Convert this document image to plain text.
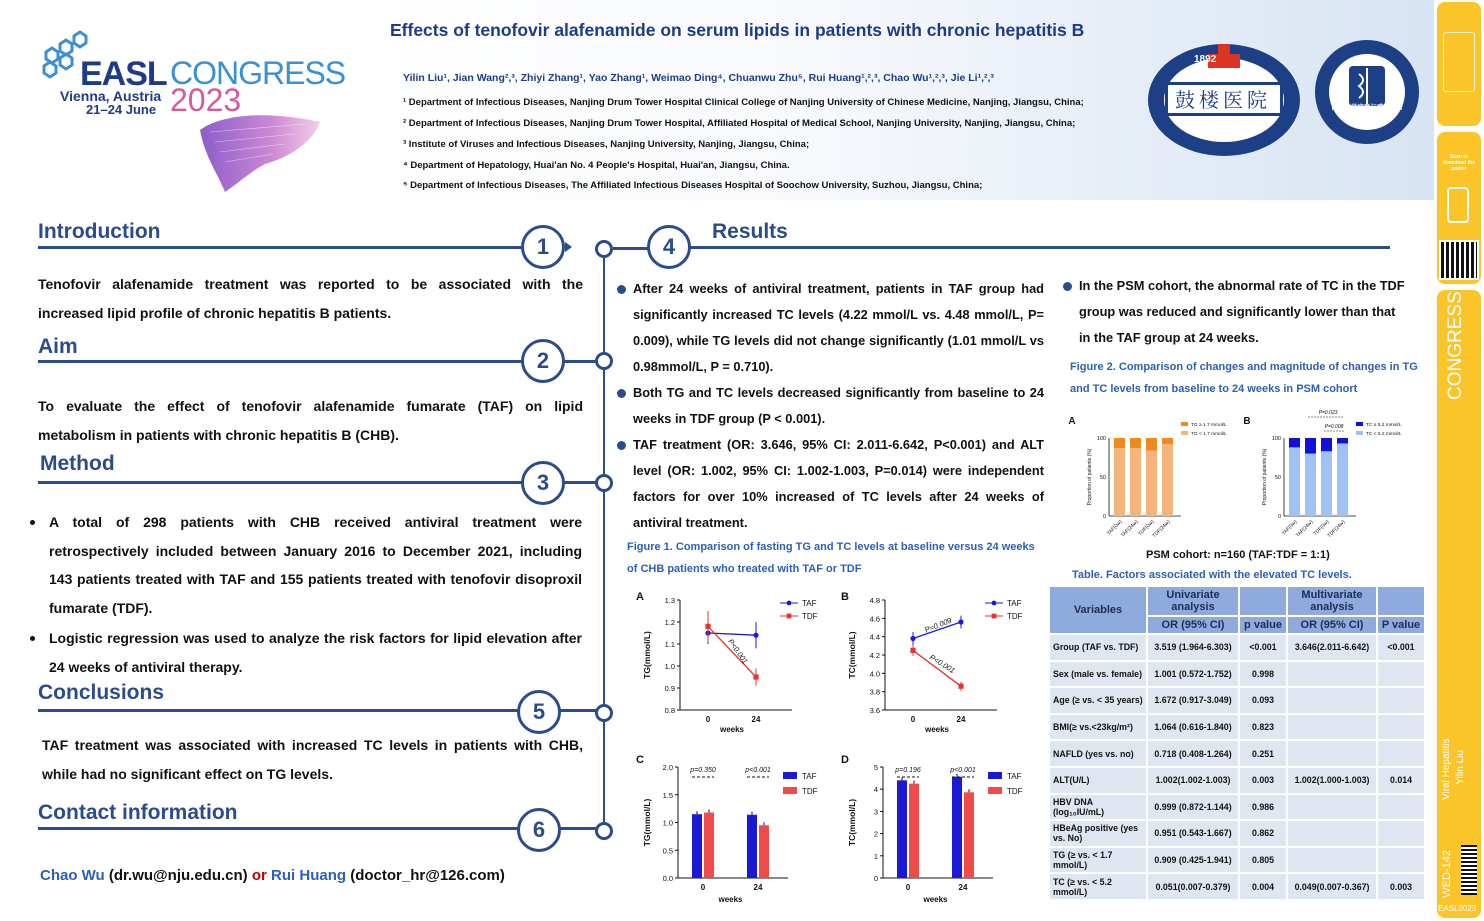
EASL CONGRESS
Vienna, Austria
21–24 June 2023
Effects of tenofovir alafenamide on serum lipids in patients with chronic hepatitis B
Yilin Liu¹, Jian Wang²,³, Zhiyi Zhang¹, Yao Zhang¹, Weimao Ding⁴, Chuanwu Zhu⁵, Rui Huang¹,²,³, Chao Wu¹,²,³, Jie Li¹,²,³
¹ Department of Infectious Diseases, Nanjing Drum Tower Hospital Clinical College of Nanjing University of Chinese Medicine, Nanjing, Jiangsu, China;
² Department of Infectious Diseases, Nanjing Drum Tower Hospital, Affiliated Hospital of Medical School, Nanjing University, Nanjing, Jiangsu, China;
³ Institute of Viruses and Infectious Diseases, Nanjing University, Nanjing, Jiangsu, China;
⁴ Department of Hepatology, Huai'an No. 4 People's Hospital, Huai'an, Jiangsu, China.
⁵ Department of Infectious Diseases, The Affiliated Infectious Diseases Hospital of Soochow University, Suzhou, Jiangsu, China;
1892
鼓楼医院	南京大学病毒与感染病研究所
Scan to download the poster
CONGRESS
Viral Hepatitis Yilin Liu
WED-142
EASL2023
Introduction
1
Tenofovir alafenamide treatment was reported to be associated with the increased lipid profile of chronic hepatitis B patients.
Aim
2
To evaluate the effect of tenofovir alafenamide fumarate (TAF) on lipid metabolism in patients with chronic hepatitis B (CHB).
Method
3
A total of 298 patients with CHB received antiviral treatment were retrospectively included between January 2016 to December 2021, including 143 patients treated with TAF and 155 patients treated with tenofovir disoproxil fumarate (TDF).
Logistic regression was used to analyze the risk factors for lipid elevation after 24 weeks of antiviral therapy.
Conclusions
5
TAF treatment was associated with increased TC levels in patients with CHB, while had no significant effect on TG levels.
Contact information
6
Chao Wu (dr.wu@nju.edu.cn) or Rui Huang (doctor_hr@126.com)
4
Results
After 24 weeks of antiviral treatment, patients in TAF group had significantly increased TC levels (4.22 mmol/L vs. 4.48 mmol/L, P= 0.009), while TG levels did not change significantly (1.01 mmol/L vs 0.98mmol/L, P = 0.710).
Both TG and TC levels decreased significantly from baseline to 24 weeks in TDF group (P < 0.001).
TAF treatment (OR: 3.646, 95% CI: 2.011-6.642, P<0.001) and ALT level (OR: 1.002, 95% CI: 1.002-1.003, P=0.014) were independent factors for over 10% increased of TC levels after 24 weeks of antiviral treatment.
Figure 1. Comparison of fasting TG and TC levels at baseline versus 24 weeks of CHB patients who treated with TAF or TDF
In the PSM cohort, the abnormal rate of TC in the TDF group was reduced and significantly lower than that in the TAF group at 24 weeks.
Figure 2. Comparison of changes and magnitude of changes in TG and TC levels from baseline to 24 weeks in PSM cohort
A
0.8
0.9
1.0
1.1
1.2
1.3
0	24
weeks
TG(mmol/L)
TAF
TDF
P<0.001
B
3.6
3.8
4.0
4.2
4.4
4.6
4.8
0	24
weeks
TC(mmol/L)
TAF
TDF
P=0.009
P<0.001
C
0.0
0.5
1.0
1.5
2.0
0
p=0.350
24
p<0.001
weeks
TG(mmol/L)
TAF
TDF
D
0
1
2
3
4
5
0
p=0.196
24
p<0.001
weeks
TC(mmol/L)
TAF
TDF
A
0
50
100
Proportion of patients (%)
TAF(0w)
TAF(24w)
TDF(0w)
TDF(24w)
TG ≥ 1.7 mmol/L
TG < 1.7 mmol/L
B
0
50
100
Proportion of patients (%)
TAF(0w)
TAF(24w)
TDF(0w)
TDF(24w)
TC ≥ 5.2 mmol/L
TC < 5.2 mmol/L
P=0.023
P=0.008
PSM cohort: n=160 (TAF:TDF = 1:1)
Table. Factors associated with the elevated TC levels.
Variables	Univariate analysis		Multivariate analysis	
	OR (95% CI)	p value	OR (95% CI)	P value
Group (TAF vs. TDF)	3.519 (1.964-6.303)	<0.001	3.646(2.011-6.642)	<0.001
Sex (male vs. female)	1.001 (0.572-1.752)	0.998		
Age (≥ vs. < 35 years)	1.672 (0.917-3.049)	0.093		
BMI(≥ vs.<23kg/m²)	1.064 (0.616-1.840)	0.823		
NAFLD (yes vs. no)	0.718 (0.408-1.264)	0.251		
ALT(U/L)	1.002(1.002-1.003)	0.003	1.002(1.000-1.003)	0.014
HBV DNA (log₁₀IU/mL)	0.999 (0.872-1.144)	0.986		
HBeAg positive (yes vs. No)	0.951 (0.543-1.667)	0.862		
TG (≥ vs. < 1.7 mmol/L)	0.909 (0.425-1.941)	0.805		
TC (≥ vs. < 5.2 mmol/L)	0.051(0.007-0.379)	0.004	0.049(0.007-0.367)	0.003
